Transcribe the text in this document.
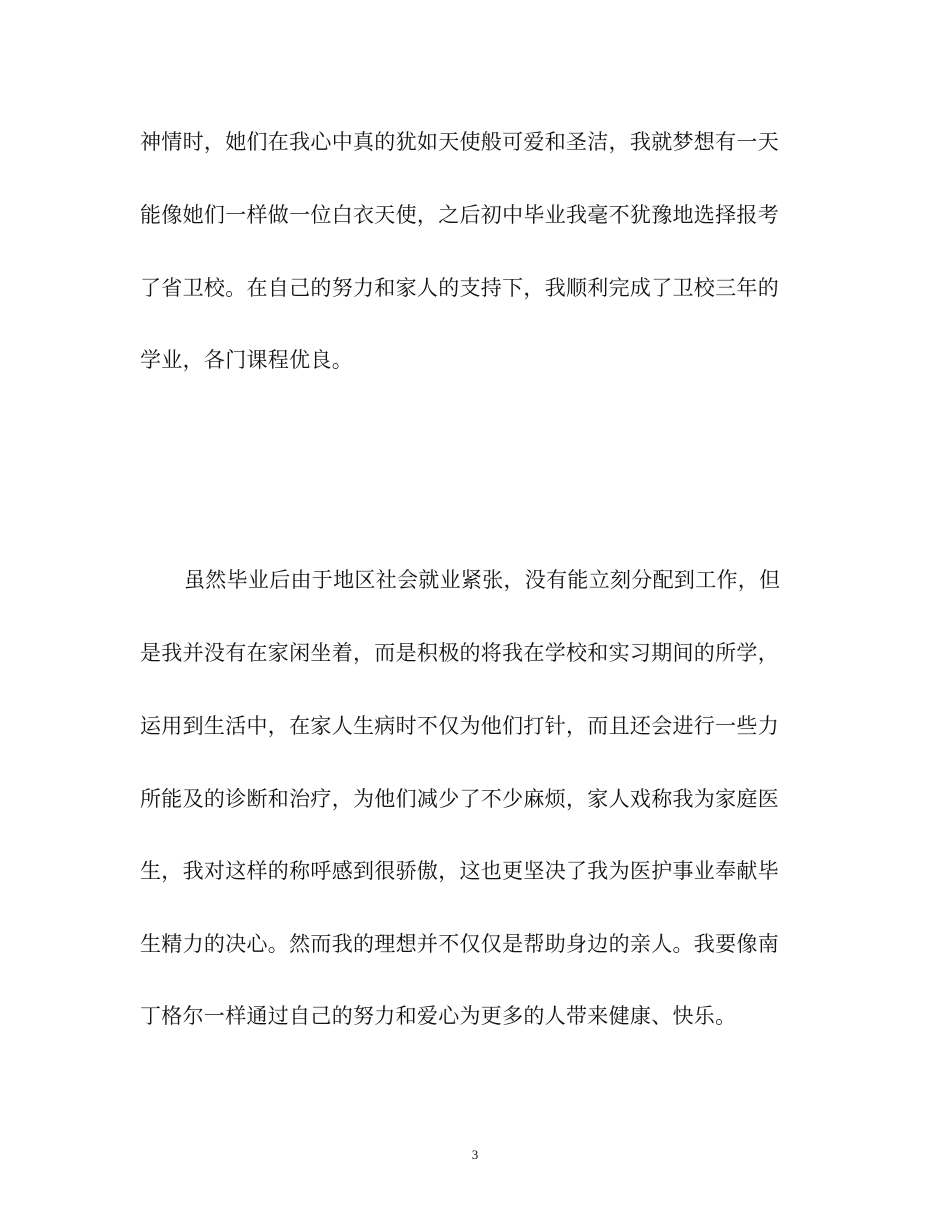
神情时，她们在我心中真的犹如天使般可爱和圣洁，我就梦想有一天
能像她们一样做一位白衣天使，之后初中毕业我毫不犹豫地选择报考
了省卫校。在自己的努力和家人的支持下，我顺利完成了卫校三年的
学业，各门课程优良。
虽然毕业后由于地区社会就业紧张，没有能立刻分配到工作，但
是我并没有在家闲坐着，而是积极的将我在学校和实习期间的所学，
运用到生活中，在家人生病时不仅为他们打针，而且还会进行一些力
所能及的诊断和治疗，为他们减少了不少麻烦，家人戏称我为家庭医
生，我对这样的称呼感到很骄傲，这也更坚决了我为医护事业奉献毕
生精力的决心。然而我的理想并不仅仅是帮助身边的亲人。我要像南
丁格尔一样通过自己的努力和爱心为更多的人带来健康、快乐。
3
